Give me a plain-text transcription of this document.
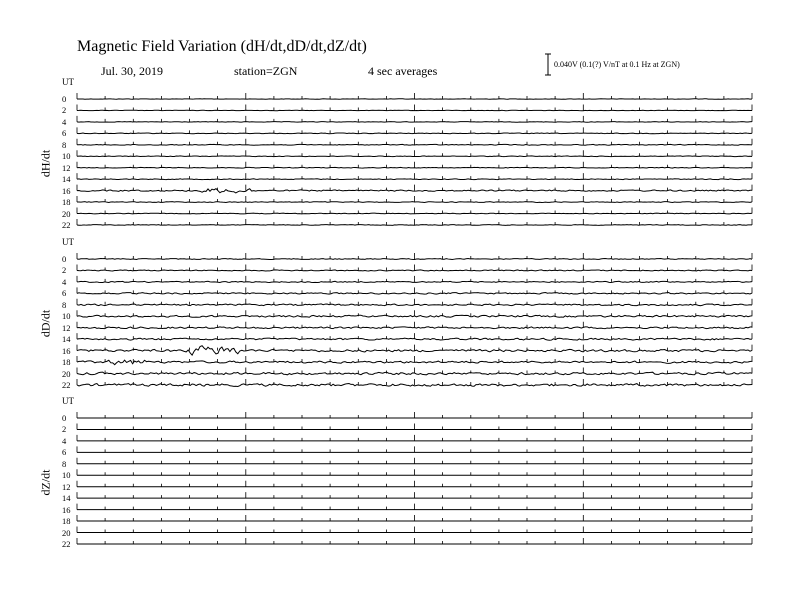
Magnetic Field Variation (dH/dt,dD/dt,dZ/dt)
Jul. 30, 2019	station=ZGN	4 sec averages	0.040V (0.1(?) V/nT at 0.1 Hz at ZGN)
UT
dH/dt
0
2
4
6
8
10
12
14
16
18
20
22
UT
dD/dt
0
2
4
6
8
10
12
14
16
18
20
22
UT
dZ/dt
0
2
4
6
8
10
12
14
16
18
20
22
